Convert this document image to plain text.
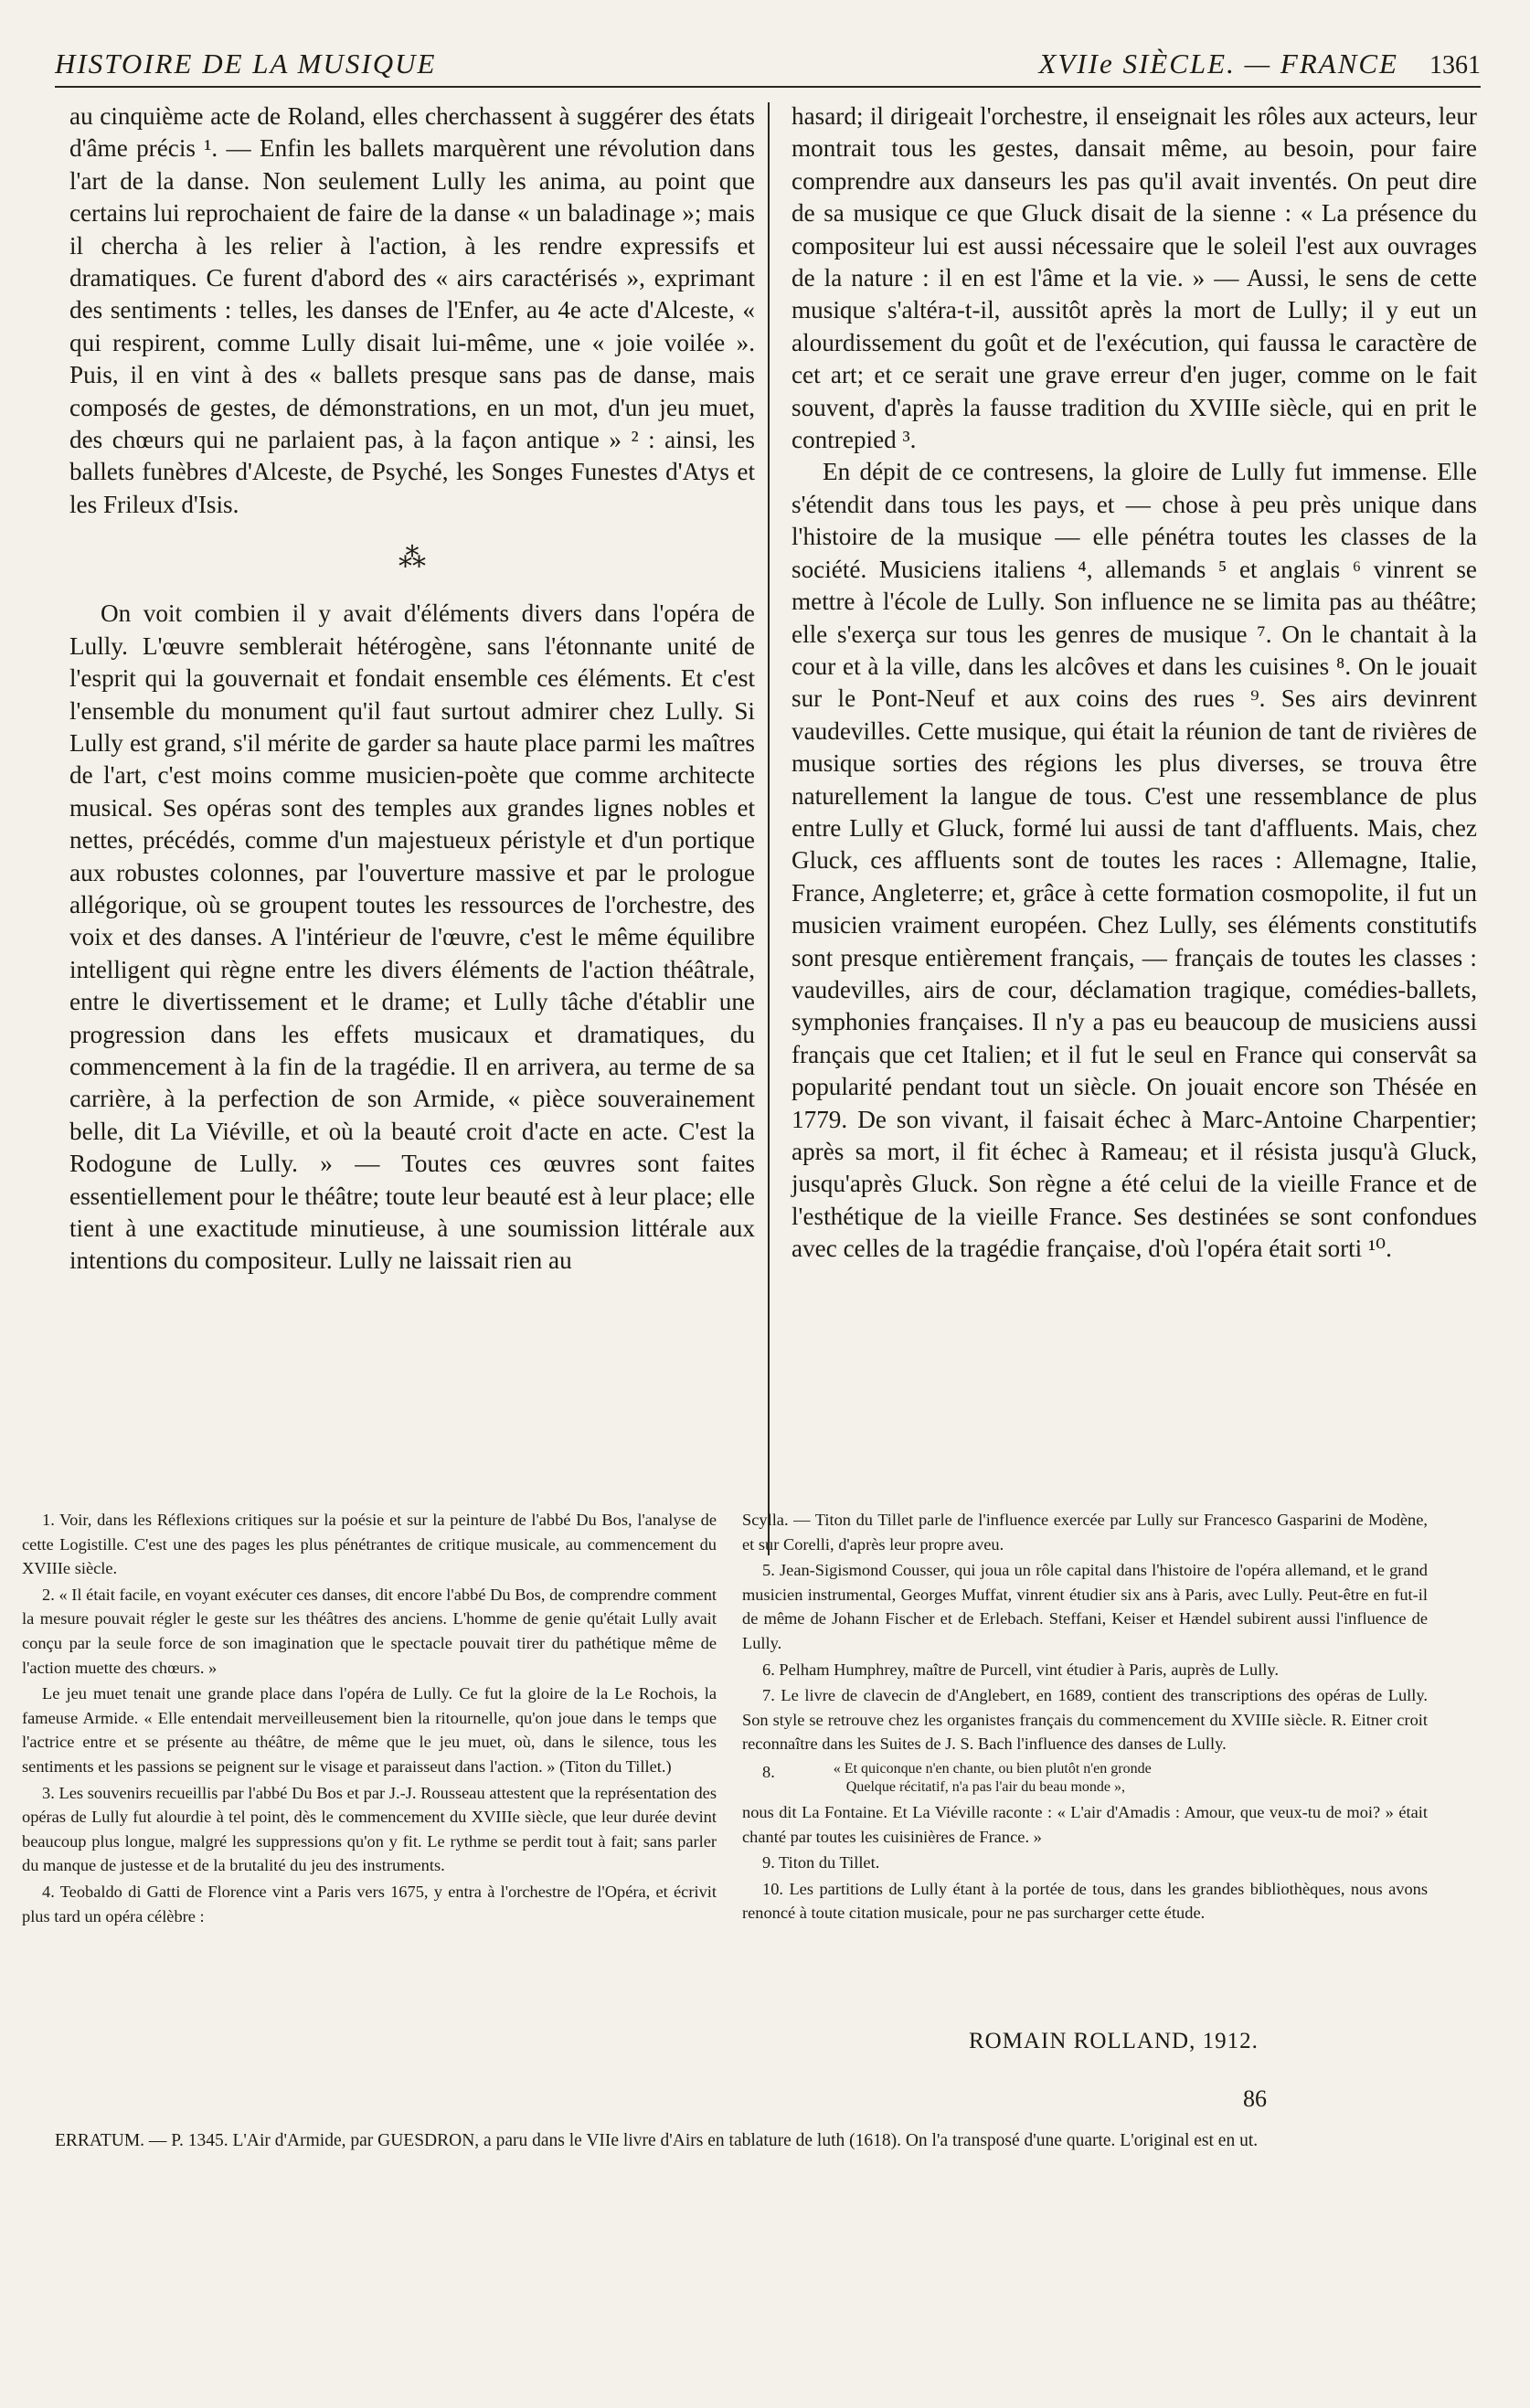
HISTOIRE DE LA MUSIQUE	XVIIe SIÈCLE. — FRANCE 1361

au cinquième acte de Roland, elles cherchassent à suggérer des états d'âme précis ¹. — Enfin les ballets marquèrent une révolution dans l'art de la danse. Non seulement Lully les anima, au point que certains lui reprochaient de faire de la danse « un baladinage »; mais il chercha à les relier à l'action, à les rendre expressifs et dramatiques. Ce furent d'abord des « airs caractérisés », exprimant des sentiments : telles, les danses de l'Enfer, au 4e acte d'Alceste, « qui respirent, comme Lully disait lui-même, une « joie voilée ». Puis, il en vint à des « ballets presque sans pas de danse, mais composés de gestes, de démonstrations, en un mot, d'un jeu muet, des chœurs qui ne parlaient pas, à la façon antique » ² : ainsi, les ballets funèbres d'Alceste, de Psyché, les Songes Funestes d'Atys et les Frileux d'Isis.

⁂

On voit combien il y avait d'éléments divers dans l'opéra de Lully. L'œuvre semblerait hétérogène, sans l'étonnante unité de l'esprit qui la gouvernait et fondait ensemble ces éléments. Et c'est l'ensemble du monument qu'il faut surtout admirer chez Lully. Si Lully est grand, s'il mérite de garder sa haute place parmi les maîtres de l'art, c'est moins comme musicien-poète que comme architecte musical. Ses opéras sont des temples aux grandes lignes nobles et nettes, précédés, comme d'un majestueux péristyle et d'un portique aux robustes colonnes, par l'ouverture massive et par le prologue allégorique, où se groupent toutes les ressources de l'orchestre, des voix et des danses. A l'intérieur de l'œuvre, c'est le même équilibre intelligent qui règne entre les divers éléments de l'action théâtrale, entre le divertissement et le drame; et Lully tâche d'établir une progression dans les effets musicaux et dramatiques, du commencement à la fin de la tragédie. Il en arrivera, au terme de sa carrière, à la perfection de son Armide, « pièce souverainement belle, dit La Viéville, et où la beauté croit d'acte en acte. C'est la Rodogune de Lully. » — Toutes ces œuvres sont faites essentiellement pour le théâtre; toute leur beauté est à leur place; elle tient à une exactitude minutieuse, à une soumission littérale aux intentions du compositeur. Lully ne laissait rien au

hasard; il dirigeait l'orchestre, il enseignait les rôles aux acteurs, leur montrait tous les gestes, dansait même, au besoin, pour faire comprendre aux danseurs les pas qu'il avait inventés. On peut dire de sa musique ce que Gluck disait de la sienne : « La présence du compositeur lui est aussi nécessaire que le soleil l'est aux ouvrages de la nature : il en est l'âme et la vie. » — Aussi, le sens de cette musique s'altéra-t-il, aussitôt après la mort de Lully; il y eut un alourdissement du goût et de l'exécution, qui faussa le caractère de cet art; et ce serait une grave erreur d'en juger, comme on le fait souvent, d'après la fausse tradition du XVIIIe siècle, qui en prit le contrepied ³.

En dépit de ce contresens, la gloire de Lully fut immense. Elle s'étendit dans tous les pays, et — chose à peu près unique dans l'histoire de la musique — elle pénétra toutes les classes de la société. Musiciens italiens ⁴, allemands ⁵ et anglais ⁶ vinrent se mettre à l'école de Lully. Son influence ne se limita pas au théâtre; elle s'exerça sur tous les genres de musique ⁷. On le chantait à la cour et à la ville, dans les alcôves et dans les cuisines ⁸. On le jouait sur le Pont-Neuf et aux coins des rues ⁹. Ses airs devinrent vaudevilles. Cette musique, qui était la réunion de tant de rivières de musique sorties des régions les plus diverses, se trouva être naturellement la langue de tous. C'est une ressemblance de plus entre Lully et Gluck, formé lui aussi de tant d'affluents. Mais, chez Gluck, ces affluents sont de toutes les races : Allemagne, Italie, France, Angleterre; et, grâce à cette formation cosmopolite, il fut un musicien vraiment européen. Chez Lully, ses éléments constitutifs sont presque entièrement français, — français de toutes les classes : vaudevilles, airs de cour, déclamation tragique, comédies-ballets, symphonies françaises. Il n'y a pas eu beaucoup de musiciens aussi français que cet Italien; et il fut le seul en France qui conservât sa popularité pendant tout un siècle. On jouait encore son Thésée en 1779. De son vivant, il faisait échec à Marc-Antoine Charpentier; après sa mort, il fit échec à Rameau; et il résista jusqu'à Gluck, jusqu'après Gluck. Son règne a été celui de la vieille France et de l'esthétique de la vieille France. Ses destinées se sont confondues avec celles de la tragédie française, d'où l'opéra était sorti ¹⁰.

1. Voir, dans les Réflexions critiques sur la poésie et sur la peinture de l'abbé Du Bos, l'analyse de cette Logistille. C'est une des pages les plus pénétrantes de critique musicale, au commencement du XVIIIe siècle.

2. « Il était facile, en voyant exécuter ces danses, dit encore l'abbé Du Bos, de comprendre comment la mesure pouvait régler le geste sur les théâtres des anciens. L'homme de genie qu'était Lully avait conçu par la seule force de son imagination que le spectacle pouvait tirer du pathétique même de l'action muette des chœurs. »

Le jeu muet tenait une grande place dans l'opéra de Lully. Ce fut la gloire de la Le Rochois, la fameuse Armide. « Elle entendait merveilleusement bien la ritournelle, qu'on joue dans le temps que l'actrice entre et se présente au théâtre, de même que le jeu muet, où, dans le silence, tous les sentiments et les passions se peignent sur le visage et paraisseut dans l'action. » (Titon du Tillet.)

3. Les souvenirs recueillis par l'abbé Du Bos et par J.-J. Rousseau attestent que la représentation des opéras de Lully fut alourdie à tel point, dès le commencement du XVIIIe siècle, que leur durée devint beaucoup plus longue, malgré les suppressions qu'on y fit. Le rythme se perdit tout à fait; sans parler du manque de justesse et de la brutalité du jeu des instruments.

4. Teobaldo di Gatti de Florence vint a Paris vers 1675, y entra à l'orchestre de l'Opéra, et écrivit plus tard un opéra célèbre :

Scylla. — Titon du Tillet parle de l'influence exercée par Lully sur Francesco Gasparini de Modène, et sur Corelli, d'après leur propre aveu.

5. Jean-Sigismond Cousser, qui joua un rôle capital dans l'histoire de l'opéra allemand, et le grand musicien instrumental, Georges Muffat, vinrent étudier six ans à Paris, avec Lully. Peut-être en fut-il de même de Johann Fischer et de Erlebach. Steffani, Keiser et Hændel subirent aussi l'influence de Lully.

6. Pelham Humphrey, maître de Purcell, vint étudier à Paris, auprès de Lully.

7. Le livre de clavecin de d'Anglebert, en 1689, contient des transcriptions des opéras de Lully. Son style se retrouve chez les organistes français du commencement du XVIIIe siècle. R. Eitner croit reconnaître dans les Suites de J. S. Bach l'influence des danses de Lully.

8.	« Et quiconque n'en chante, ou bien plutôt n'en gronde
Quelque récitatif, n'a pas l'air du beau monde »,

nous dit La Fontaine. Et La Viéville raconte : « L'air d'Amadis : Amour, que veux-tu de moi? » était chanté par toutes les cuisinières de France. »

9. Titon du Tillet.

10. Les partitions de Lully étant à la portée de tous, dans les grandes bibliothèques, nous avons renoncé à toute citation musicale, pour ne pas surcharger cette étude.

ROMAIN ROLLAND, 1912.
86
ERRATUM. — P. 1345. L'Air d'Armide, par GUESDRON, a paru dans le VIIe livre d'Airs en tablature de luth (1618). On l'a transposé d'une quarte. L'original est en ut.
